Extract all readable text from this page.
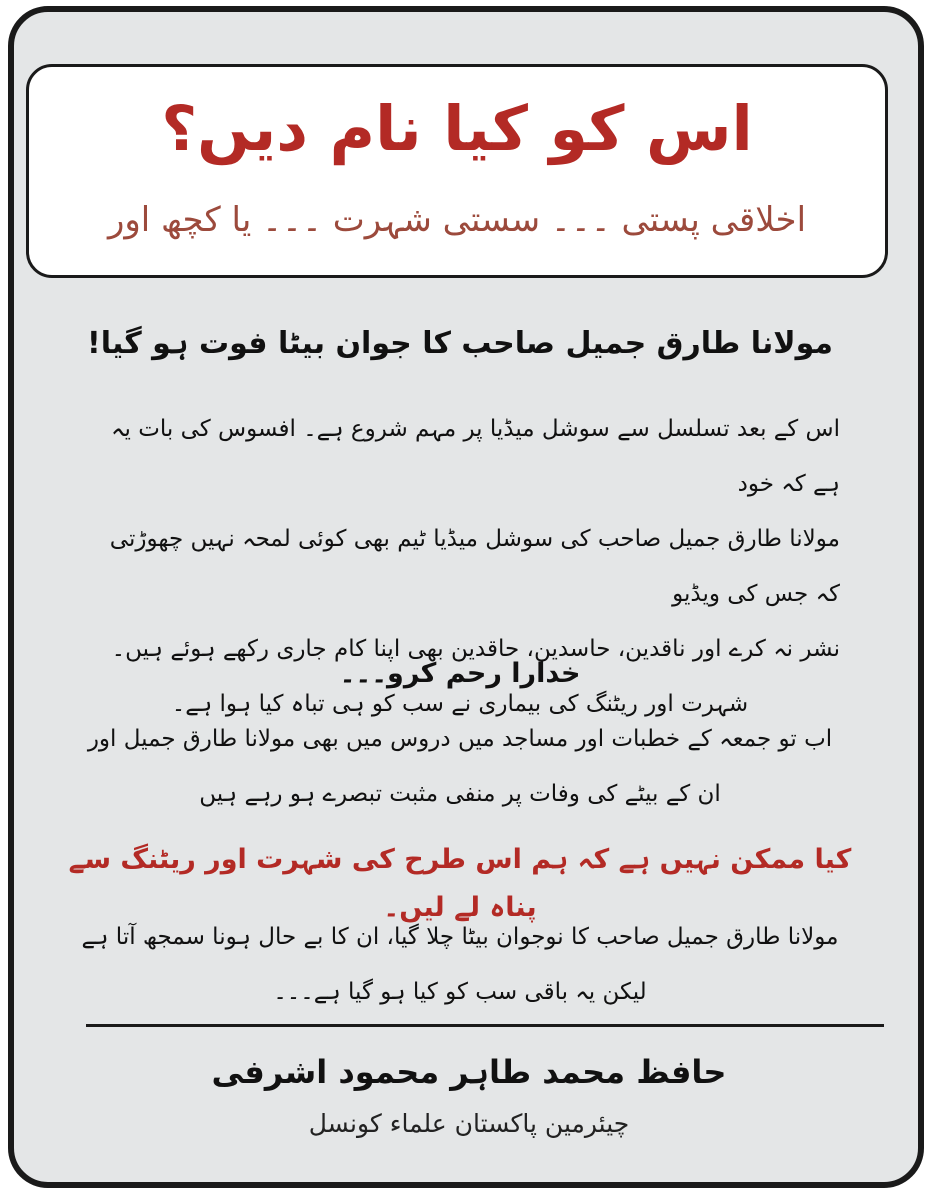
اس کو کیا نام دیں؟
اخلاقی پستی ۔۔۔ سستی شہرت ۔۔۔ یا کچھ اور
مولانا طارق جمیل صاحب کا جوان بیٹا فوت ہو گیا!
اس کے بعد تسلسل سے سوشل میڈیا پر مہم شروع ہے۔ افسوس کی بات یہ ہے کہ خود
مولانا طارق جمیل صاحب کی سوشل میڈیا ٹیم بھی کوئی لمحہ نہیں چھوڑتی کہ جس کی ویڈیو
نشر نہ کرے اور ناقدین، حاسدین، حاقدین بھی اپنا کام جاری رکھے ہوئے ہیں۔
شہرت اور ریٹنگ کی بیماری نے سب کو ہی تباہ کیا ہوا ہے۔
خدارا رحم کرو۔۔۔
اب تو جمعہ کے خطبات اور مساجد میں دروس میں بھی مولانا طارق جمیل اور
ان کے بیٹے کی وفات پر منفی مثبت تبصرے ہو رہے ہیں
کیا ممکن نہیں ہے کہ ہم اس طرح کی شہرت اور ریٹنگ سے پناہ لے لیں۔
مولانا طارق جمیل صاحب کا نوجوان بیٹا چلا گیا، ان کا بے حال ہونا سمجھ آتا ہے
لیکن یہ باقی سب کو کیا ہو گیا ہے۔۔۔
حافظ محمد طاہر محمود اشرفی
چیئرمین پاکستان علماء کونسل
